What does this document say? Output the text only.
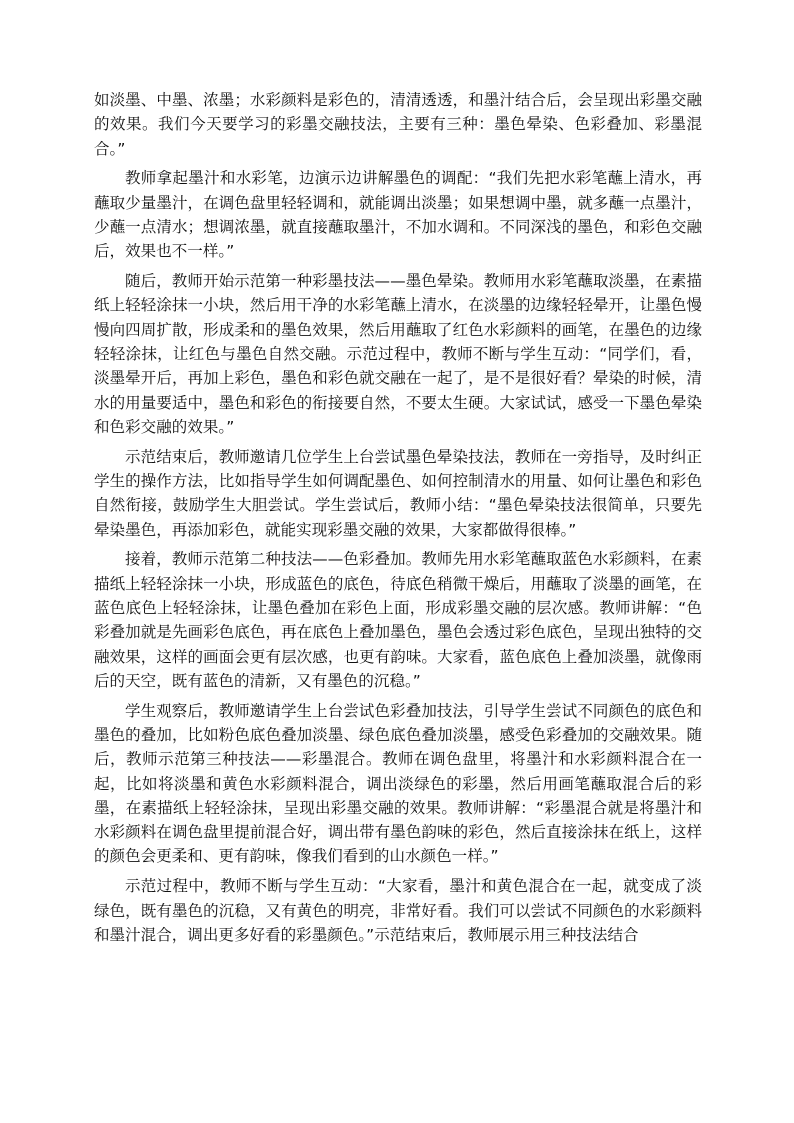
如淡墨、中墨、浓墨；水彩颜料是彩色的，清清透透，和墨汁结合后，会呈现出彩墨交融的效果。我们今天要学习的彩墨交融技法，主要有三种：墨色晕染、色彩叠加、彩墨混合。”

教师拿起墨汁和水彩笔，边演示边讲解墨色的调配：“我们先把水彩笔蘸上清水，再蘸取少量墨汁，在调色盘里轻轻调和，就能调出淡墨；如果想调中墨，就多蘸一点墨汁，少蘸一点清水；想调浓墨，就直接蘸取墨汁，不加水调和。不同深浅的墨色，和彩色交融后，效果也不一样。”

随后，教师开始示范第一种彩墨技法——墨色晕染。教师用水彩笔蘸取淡墨，在素描纸上轻轻涂抹一小块，然后用干净的水彩笔蘸上清水，在淡墨的边缘轻轻晕开，让墨色慢慢向四周扩散，形成柔和的墨色效果，然后用蘸取了红色水彩颜料的画笔，在墨色的边缘轻轻涂抹，让红色与墨色自然交融。示范过程中，教师不断与学生互动：“同学们，看，淡墨晕开后，再加上彩色，墨色和彩色就交融在一起了，是不是很好看？晕染的时候，清水的用量要适中，墨色和彩色的衔接要自然，不要太生硬。大家试试，感受一下墨色晕染和色彩交融的效果。”

示范结束后，教师邀请几位学生上台尝试墨色晕染技法，教师在一旁指导，及时纠正学生的操作方法，比如指导学生如何调配墨色、如何控制清水的用量、如何让墨色和彩色自然衔接，鼓励学生大胆尝试。学生尝试后，教师小结：“墨色晕染技法很简单，只要先晕染墨色，再添加彩色，就能实现彩墨交融的效果，大家都做得很棒。”

接着，教师示范第二种技法——色彩叠加。教师先用水彩笔蘸取蓝色水彩颜料，在素描纸上轻轻涂抹一小块，形成蓝色的底色，待底色稍微干燥后，用蘸取了淡墨的画笔，在蓝色底色上轻轻涂抹，让墨色叠加在彩色上面，形成彩墨交融的层次感。教师讲解：“色彩叠加就是先画彩色底色，再在底色上叠加墨色，墨色会透过彩色底色，呈现出独特的交融效果，这样的画面会更有层次感，也更有韵味。大家看，蓝色底色上叠加淡墨，就像雨后的天空，既有蓝色的清新，又有墨色的沉稳。”

学生观察后，教师邀请学生上台尝试色彩叠加技法，引导学生尝试不同颜色的底色和墨色的叠加，比如粉色底色叠加淡墨、绿色底色叠加淡墨，感受色彩叠加的交融效果。随后，教师示范第三种技法——彩墨混合。教师在调色盘里，将墨汁和水彩颜料混合在一起，比如将淡墨和黄色水彩颜料混合，调出淡绿色的彩墨，然后用画笔蘸取混合后的彩墨，在素描纸上轻轻涂抹，呈现出彩墨交融的效果。教师讲解：“彩墨混合就是将墨汁和水彩颜料在调色盘里提前混合好，调出带有墨色韵味的彩色，然后直接涂抹在纸上，这样的颜色会更柔和、更有韵味，像我们看到的山水颜色一样。”

示范过程中，教师不断与学生互动：“大家看，墨汁和黄色混合在一起，就变成了淡绿色，既有墨色的沉稳，又有黄色的明亮，非常好看。我们可以尝试不同颜色的水彩颜料和墨汁混合，调出更多好看的彩墨颜色。”示范结束后，教师展示用三种技法结合
